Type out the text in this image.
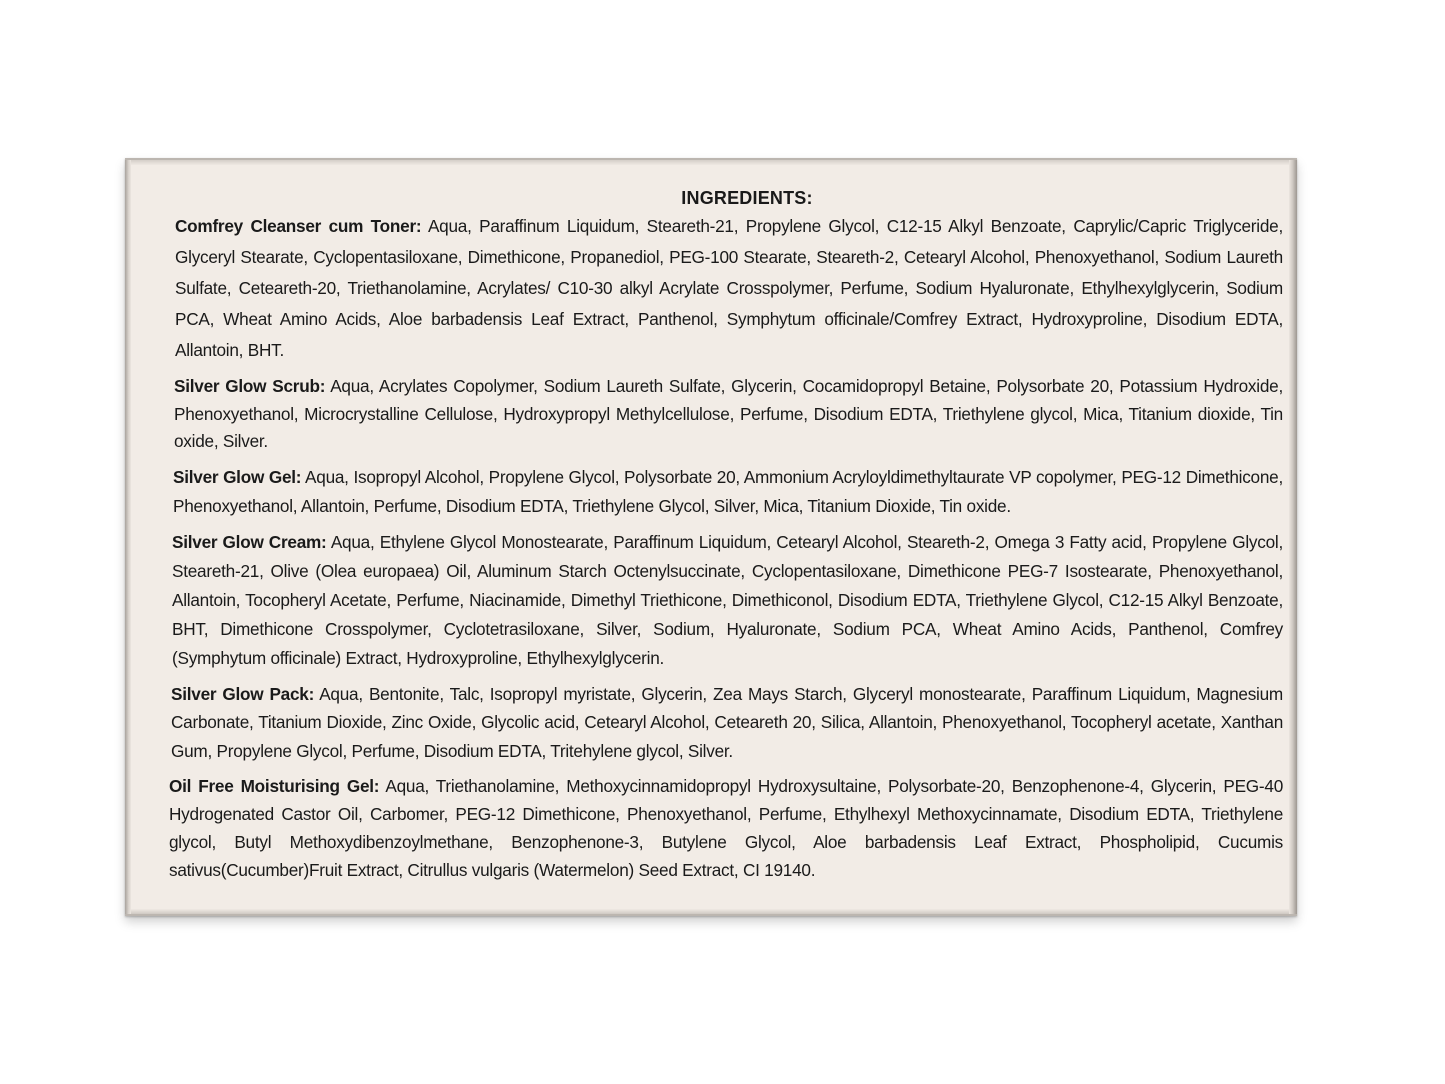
INGREDIENTS:

Comfrey Cleanser cum Toner: Aqua, Paraffinum Liquidum, Steareth-21, Propylene Glycol, C12-15 Alkyl Benzoate, Caprylic/Capric Triglyceride, Glyceryl Stearate, Cyclopentasiloxane, Dimethicone, Propanediol, PEG-100 Stearate, Steareth-2, Cetearyl Alcohol, Phenoxyethanol, Sodium Laureth Sulfate, Ceteareth-20, Triethanolamine, Acrylates/ C10-30 alkyl Acrylate Crosspolymer, Perfume, Sodium Hyaluronate, Ethylhexylglycerin, Sodium PCA, Wheat Amino Acids, Aloe barbadensis Leaf Extract, Panthenol, Symphytum officinale/Comfrey Extract, Hydroxyproline, Disodium EDTA, Allantoin, BHT.

Silver Glow Scrub: Aqua, Acrylates Copolymer, Sodium Laureth Sulfate, Glycerin, Cocamidopropyl Betaine, Polysorbate 20, Potassium Hydroxide, Phenoxyethanol, Microcrystalline Cellulose, Hydroxypropyl Methylcellulose, Perfume, Disodium EDTA, Triethylene glycol, Mica, Titanium dioxide, Tin oxide, Silver.

Silver Glow Gel: Aqua, Isopropyl Alcohol, Propylene Glycol, Polysorbate 20, Ammonium Acryloyldimethyltaurate VP copolymer, PEG-12 Dimethicone, Phenoxyethanol, Allantoin, Perfume, Disodium EDTA, Triethylene Glycol, Silver, Mica, Titanium Dioxide, Tin oxide.

Silver Glow Cream: Aqua, Ethylene Glycol Monostearate, Paraffinum Liquidum, Cetearyl Alcohol, Steareth-2, Omega 3 Fatty acid, Propylene Glycol, Steareth-21, Olive (Olea europaea) Oil, Aluminum Starch Octenylsuccinate, Cyclopentasiloxane, Dimethicone PEG-7 Isostearate, Phenoxyethanol, Allantoin, Tocopheryl Acetate, Perfume, Niacinamide, Dimethyl Triethicone, Dimethiconol, Disodium EDTA, Triethylene Glycol, C12-15 Alkyl Benzoate, BHT, Dimethicone Crosspolymer, Cyclotetrasiloxane, Silver, Sodium, Hyaluronate, Sodium PCA, Wheat Amino Acids, Panthenol, Comfrey (Symphytum officinale) Extract, Hydroxyproline, Ethylhexylglycerin.

Silver Glow Pack: Aqua, Bentonite, Talc, Isopropyl myristate, Glycerin, Zea Mays Starch, Glyceryl monostearate, Paraffinum Liquidum, Magnesium Carbonate, Titanium Dioxide, Zinc Oxide, Glycolic acid, Cetearyl Alcohol, Ceteareth 20, Silica, Allantoin, Phenoxyethanol, Tocopheryl acetate, Xanthan Gum, Propylene Glycol, Perfume, Disodium EDTA, Tritehylene glycol, Silver.

Oil Free Moisturising Gel: Aqua, Triethanolamine, Methoxycinnamidopropyl Hydroxysultaine, Polysorbate-20, Benzophenone-4, Glycerin, PEG-40 Hydrogenated Castor Oil, Carbomer, PEG-12 Dimethicone, Phenoxyethanol, Perfume, Ethylhexyl Methoxycinnamate, Disodium EDTA, Triethylene glycol, Butyl Methoxydibenzoylmethane, Benzophenone-3, Butylene Glycol, Aloe barbadensis Leaf Extract, Phospholipid, Cucumis sativus(Cucumber)Fruit Extract, Citrullus vulgaris (Watermelon) Seed Extract, CI 19140.
